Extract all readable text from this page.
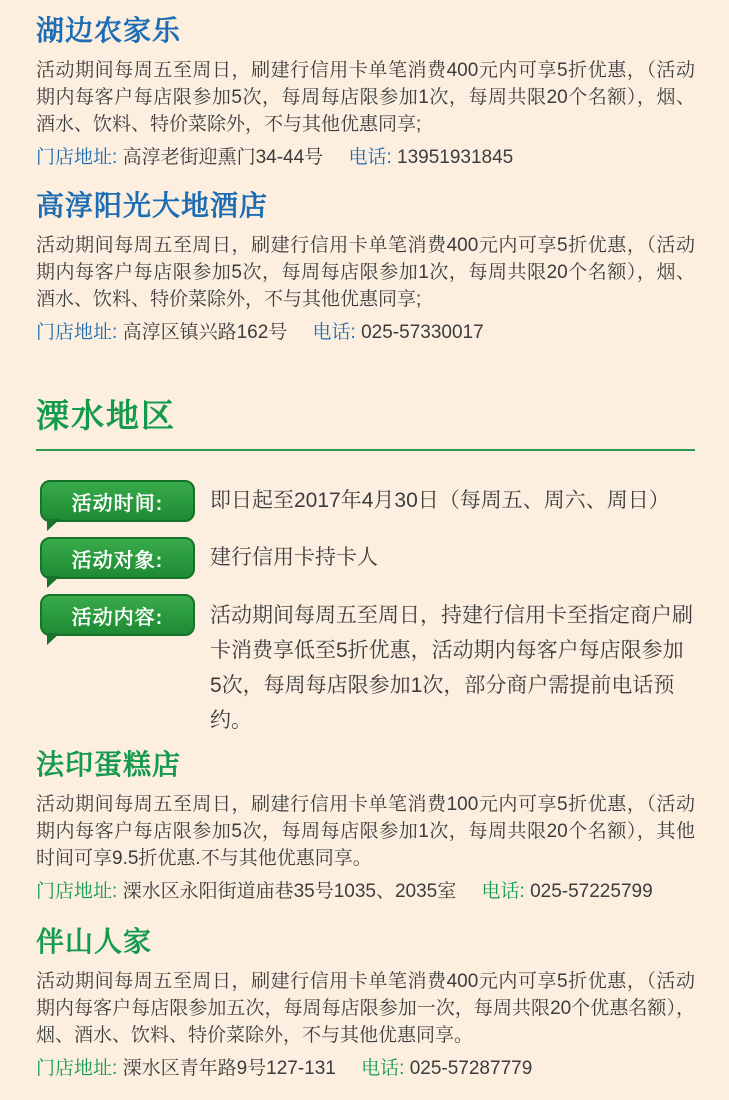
湖边农家乐
活动期间每周五至周日，刷建行信用卡单笔消费400元内可享5折优惠，（活动期内每客户每店限参加5次，每周每店限参加1次，每周共限20个名额），烟、酒水、饮料、特价菜除外，不与其他优惠同享;
门店地址: 高淳老街迎熏门34-44号 电话: 13951931845
高淳阳光大地酒店
活动期间每周五至周日，刷建行信用卡单笔消费400元内可享5折优惠，（活动期内每客户每店限参加5次，每周每店限参加1次，每周共限20个名额），烟、酒水、饮料、特价菜除外，不与其他优惠同享;
门店地址: 高淳区镇兴路162号 电话: 025-57330017
溧水地区
活动时间:	即日起至2017年4月30日（每周五、周六、周日）
活动对象:	建行信用卡持卡人
活动内容:	活动期间每周五至周日，持建行信用卡至指定商户刷卡消费享低至5折优惠，活动期内每客户每店限参加5次，每周每店限参加1次，部分商户需提前电话预约。
法印蛋糕店
活动期间每周五至周日，刷建行信用卡单笔消费100元内可享5折优惠，（活动期内每客户每店限参加5次，每周每店限参加1次，每周共限20个名额），其他时间可享9.5折优惠.不与其他优惠同享。
门店地址: 溧水区永阳街道庙巷35号1035、2035室 电话: 025-57225799
伴山人家
活动期间每周五至周日，刷建行信用卡单笔消费400元内可享5折优惠，（活动期内每客户每店限参加五次，每周每店限参加一次，每周共限20个优惠名额），烟、酒水、饮料、特价菜除外，不与其他优惠同享。
门店地址: 溧水区青年路9号127-131 电话: 025-57287779
